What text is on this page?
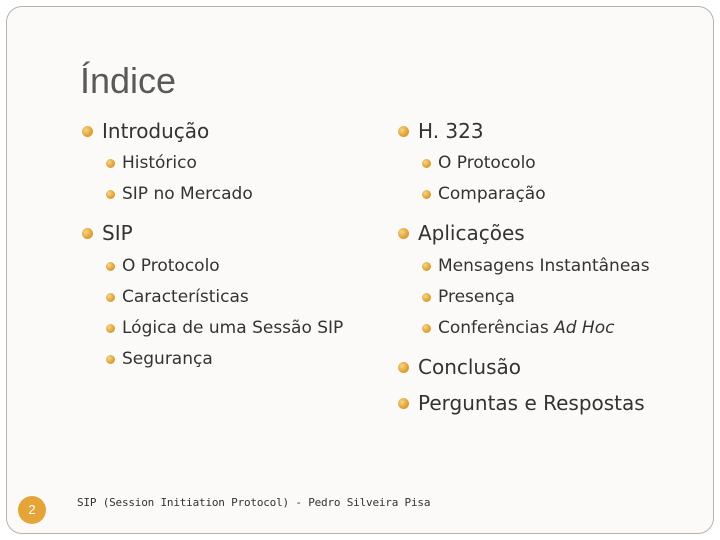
Índice
Introdução
Histórico
SIP no Mercado
SIP
O Protocolo
Características
Lógica de uma Sessão SIP
Segurança
H. 323
O Protocolo
Comparação
Aplicações
Mensagens Instantâneas
Presença
Conferências Ad Hoc
Conclusão
Perguntas e Respostas
2	SIP (Session Initiation Protocol) - Pedro Silveira Pisa
